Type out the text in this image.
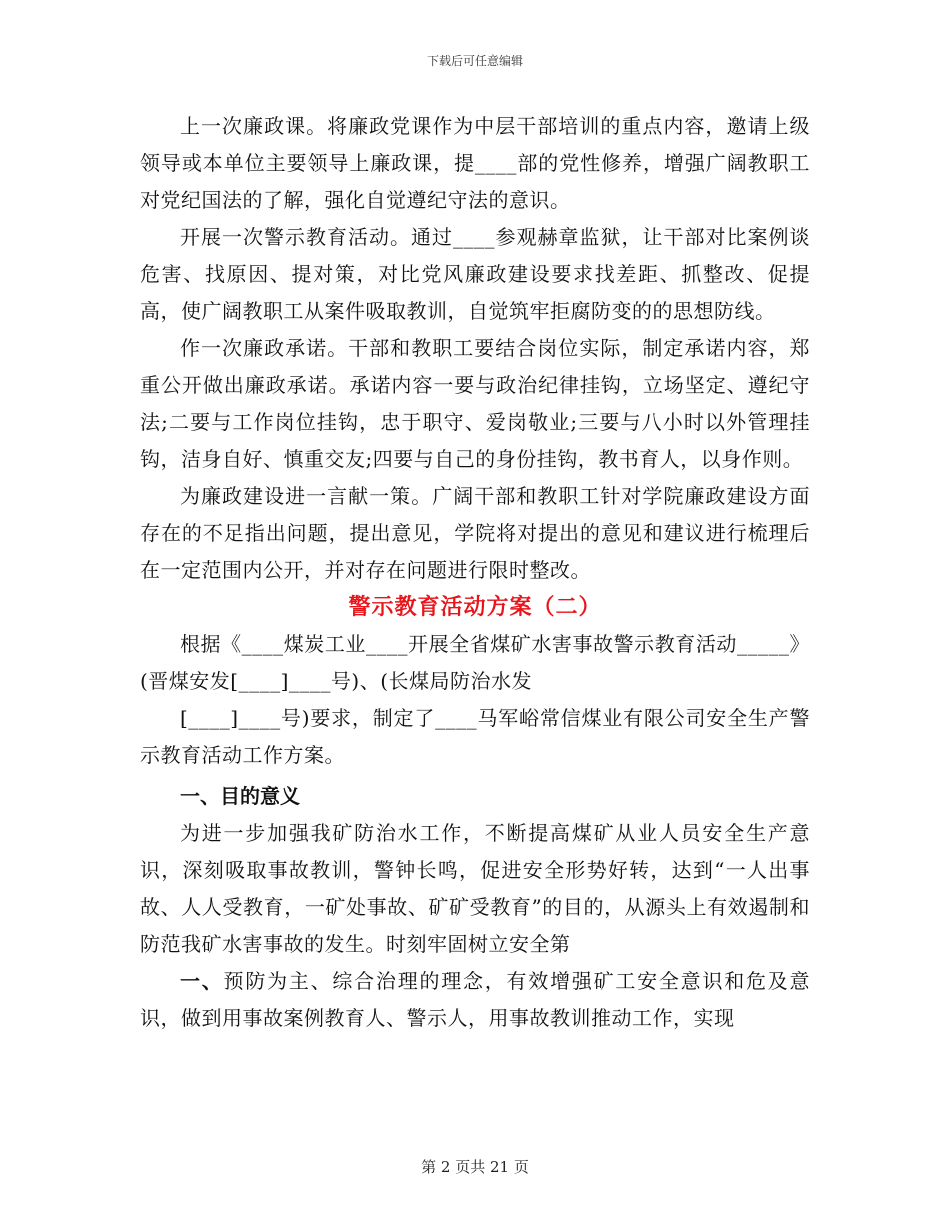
下载后可任意编辑

上一次廉政课。将廉政党课作为中层干部培训的重点内容，邀请上级领导或本单位主要领导上廉政课，提____部的党性修养，增强广阔教职工对党纪国法的了解，强化自觉遵纪守法的意识。

开展一次警示教育活动。通过____参观赫章监狱，让干部对比案例谈危害、找原因、提对策，对比党风廉政建设要求找差距、抓整改、促提高，使广阔教职工从案件吸取教训，自觉筑牢拒腐防变的的思想防线。

作一次廉政承诺。干部和教职工要结合岗位实际，制定承诺内容，郑重公开做出廉政承诺。承诺内容一要与政治纪律挂钩，立场坚定、遵纪守法;二要与工作岗位挂钩，忠于职守、爱岗敬业;三要与八小时以外管理挂钩，洁身自好、慎重交友;四要与自己的身份挂钩，教书育人，以身作则。

为廉政建设进一言献一策。广阔干部和教职工针对学院廉政建设方面存在的不足指出问题，提出意见，学院将对提出的意见和建议进行梳理后在一定范围内公开，并对存在问题进行限时整改。

警示教育活动方案（二）

根据《____煤炭工业____开展全省煤矿水害事故警示教育活动_____》(晋煤安发[____]____号)、(长煤局防治水发

[____]____号)要求，制定了____马军峪常信煤业有限公司安全生产警示教育活动工作方案。

一、目的意义

为进一步加强我矿防治水工作，不断提高煤矿从业人员安全生产意识，深刻吸取事故教训，警钟长鸣，促进安全形势好转，达到“一人出事故、人人受教育，一矿处事故、矿矿受教育”的目的，从源头上有效遏制和防范我矿水害事故的发生。时刻牢固树立安全第

一、预防为主、综合治理的理念，有效增强矿工安全意识和危及意识，做到用事故案例教育人、警示人，用事故教训推动工作，实现

第 2 页共 21 页
